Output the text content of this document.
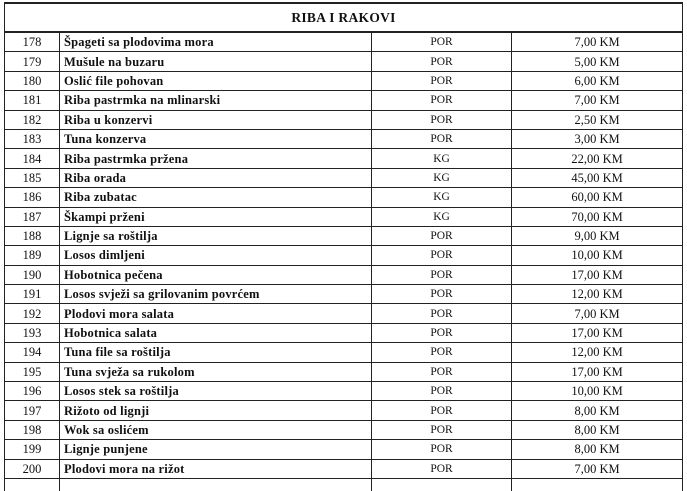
RIBA I RAKOVI			
178	Špageti sa plodovima mora	POR	7,00 KM
179	Mušule na buzaru	POR	5,00 KM
180	Oslić file pohovan	POR	6,00 KM
181	Riba pastrmka na mlinarski	POR	7,00 KM
182	Riba u konzervi	POR	2,50 KM
183	Tuna konzerva	POR	3,00 KM
184	Riba pastrmka pržena	KG	22,00 KM
185	Riba orada	KG	45,00 KM
186	Riba zubatac	KG	60,00 KM
187	Škampi prženi	KG	70,00 KM
188	Lignje sa roštilja	POR	9,00 KM
189	Losos dimljeni	POR	10,00 KM
190	Hobotnica pečena	POR	17,00 KM
191	Losos svježi sa grilovanim povrćem	POR	12,00 KM
192	Plodovi mora salata	POR	7,00 KM
193	Hobotnica salata	POR	17,00 KM
194	Tuna file sa roštilja	POR	12,00 KM
195	Tuna svježa sa rukolom	POR	17,00 KM
196	Losos stek sa roštilja	POR	10,00 KM
197	Rižoto od lignji	POR	8,00 KM
198	Wok sa oslićem	POR	8,00 KM
199	Lignje punjene	POR	8,00 KM
200	Plodovi mora na rižot	POR	7,00 KM
